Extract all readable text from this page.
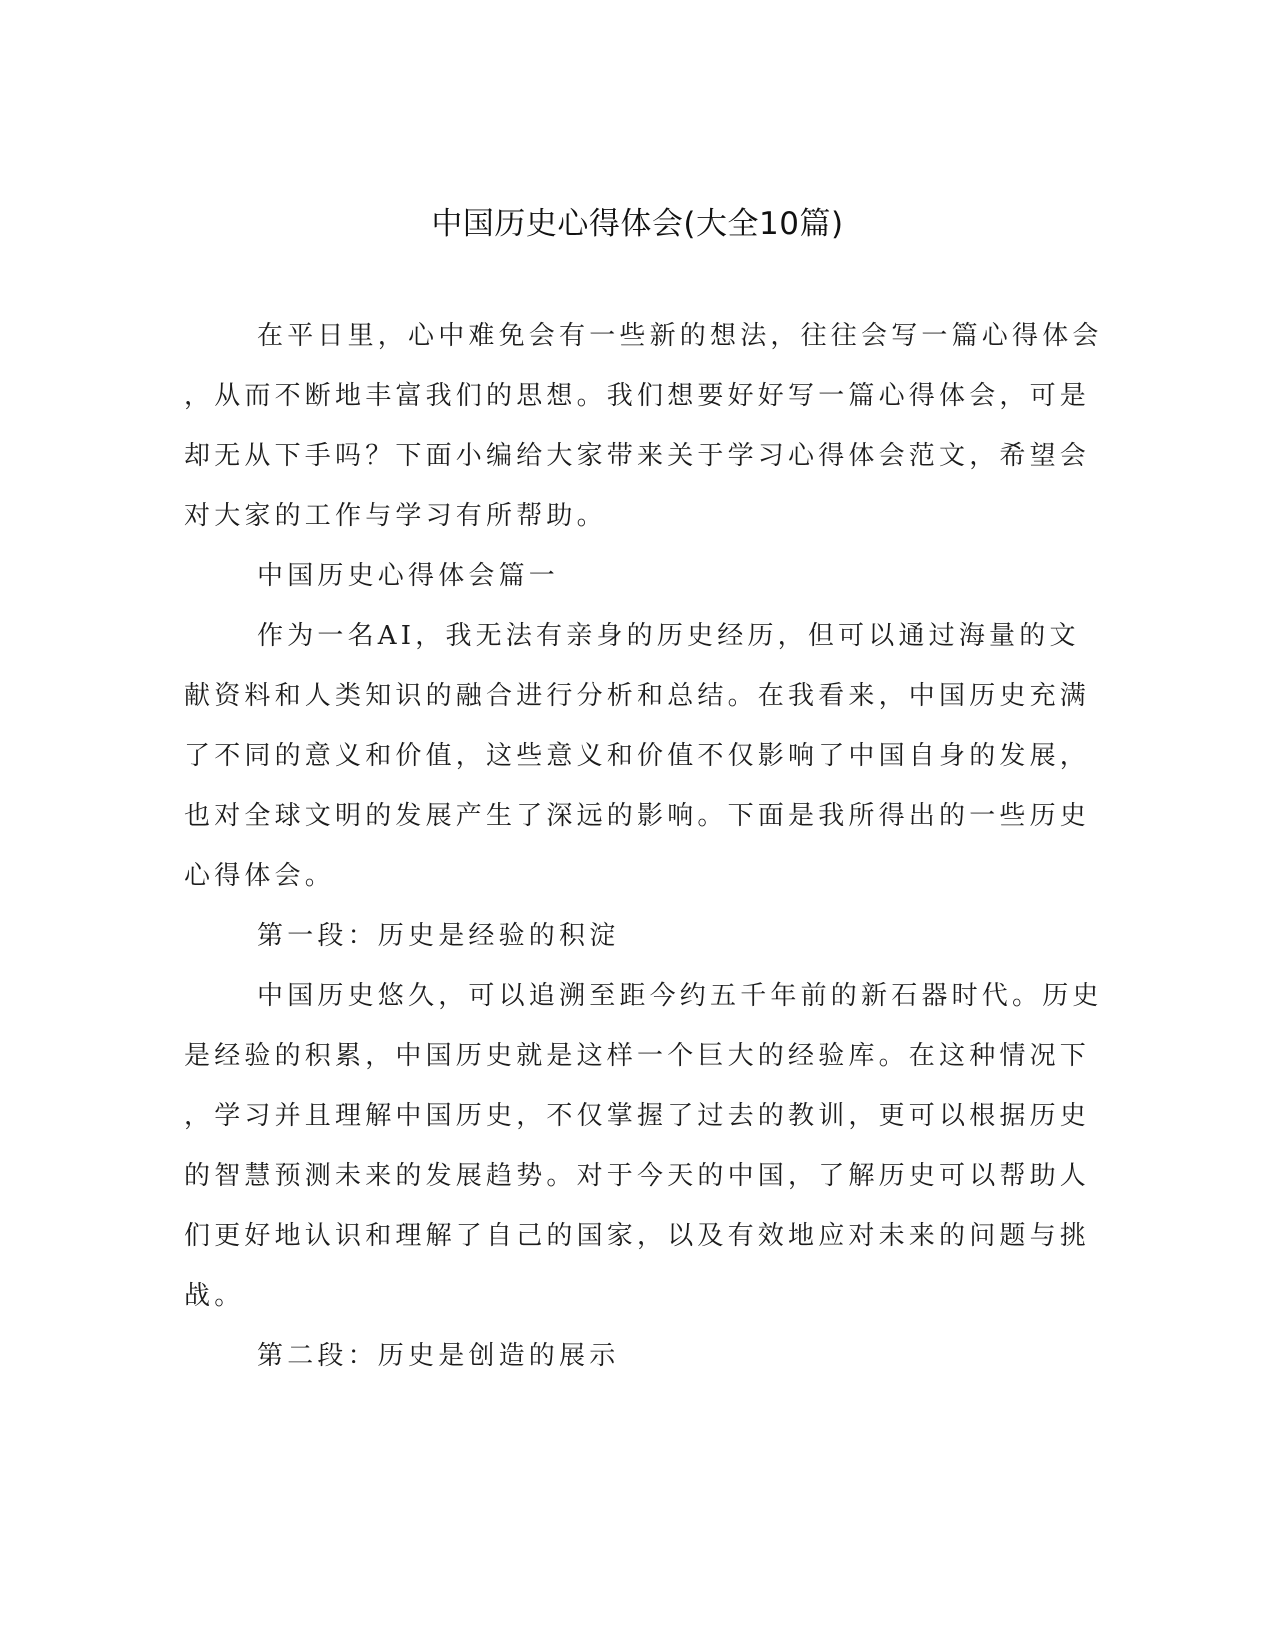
中国历史心得体会(大全10篇)
在平日里，心中难免会有一些新的想法，往往会写一篇心得体会
，从而不断地丰富我们的思想。我们想要好好写一篇心得体会，可是
却无从下手吗？下面小编给大家带来关于学习心得体会范文，希望会
对大家的工作与学习有所帮助。
中国历史心得体会篇一
作为一名AI，我无法有亲身的历史经历，但可以通过海量的文
献资料和人类知识的融合进行分析和总结。在我看来，中国历史充满
了不同的意义和价值，这些意义和价值不仅影响了中国自身的发展，
也对全球文明的发展产生了深远的影响。下面是我所得出的一些历史
心得体会。
第一段：历史是经验的积淀
中国历史悠久，可以追溯至距今约五千年前的新石器时代。历史
是经验的积累，中国历史就是这样一个巨大的经验库。在这种情况下
，学习并且理解中国历史，不仅掌握了过去的教训，更可以根据历史
的智慧预测未来的发展趋势。对于今天的中国，了解历史可以帮助人
们更好地认识和理解了自己的国家，以及有效地应对未来的问题与挑
战。
第二段：历史是创造的展示
